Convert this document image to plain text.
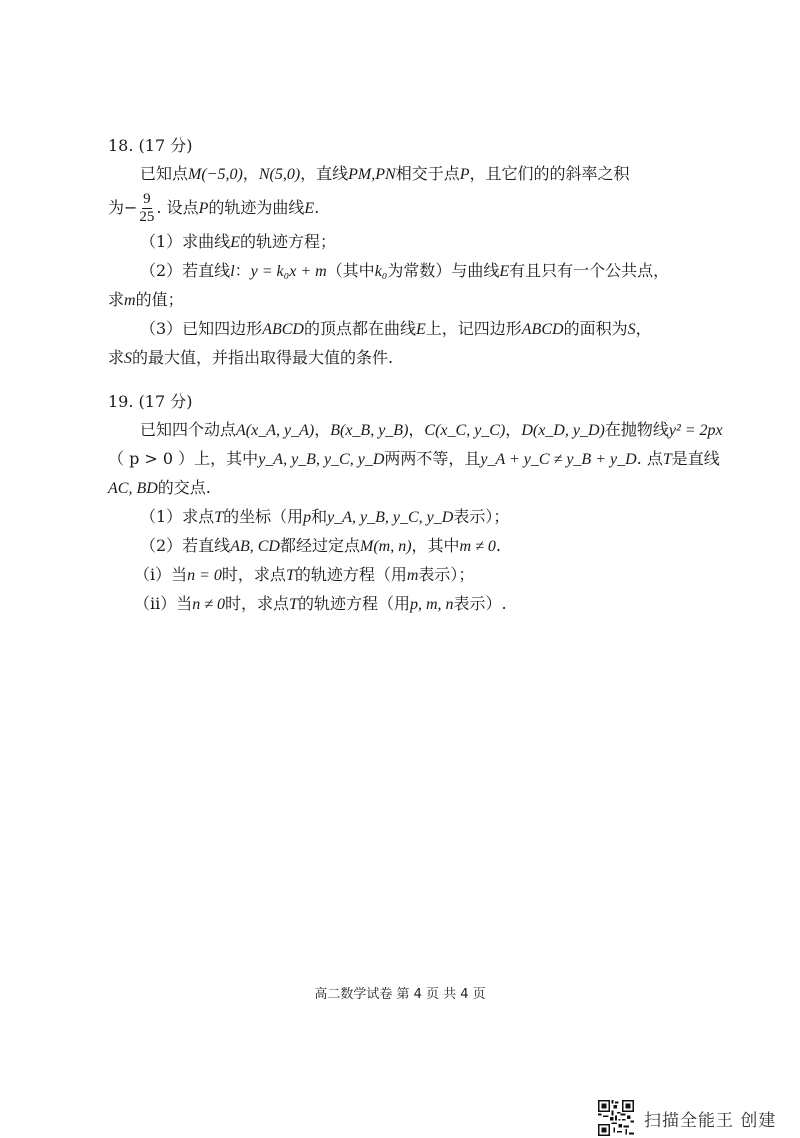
18. (17 分)
已知点M(−5,0)，N(5,0)，直线PM,PN相交于点P，且它们的的斜率之积
为− $\frac{9}{25}$ . 设点P的轨迹为曲线E.
（1）求曲线E的轨迹方程；
（2）若直线l：y = k₀x + m（其中k₀为常数）与曲线E有且只有一个公共点，
求m的值；
（3）已知四边形ABCD的顶点都在曲线E上，记四边形ABCD的面积为S，
求S的最大值，并指出取得最大值的条件.
19. (17 分)
已知四个动点A(x_A, y_A)，B(x_B, y_B)，C(x_C, y_C)，D(x_D, y_D)在抛物线y² = 2px
（ p > 0 ）上，其中y_A, y_B, y_C, y_D两两不等，且y_A + y_C ≠ y_B + y_D. 点T是直线
AC, BD的交点.
（1）求点T的坐标（用p和y_A, y_B, y_C, y_D表示）；
（2）若直线AB, CD都经过定点M(m, n)，其中m ≠ 0.
（ⅰ）当n = 0时，求点T的轨迹方程（用m表示）；
（ⅱ）当n ≠ 0时，求点T的轨迹方程（用p, m, n表示）.
高二数学试卷 第 4 页 共 4 页
扫描全能王 创建
